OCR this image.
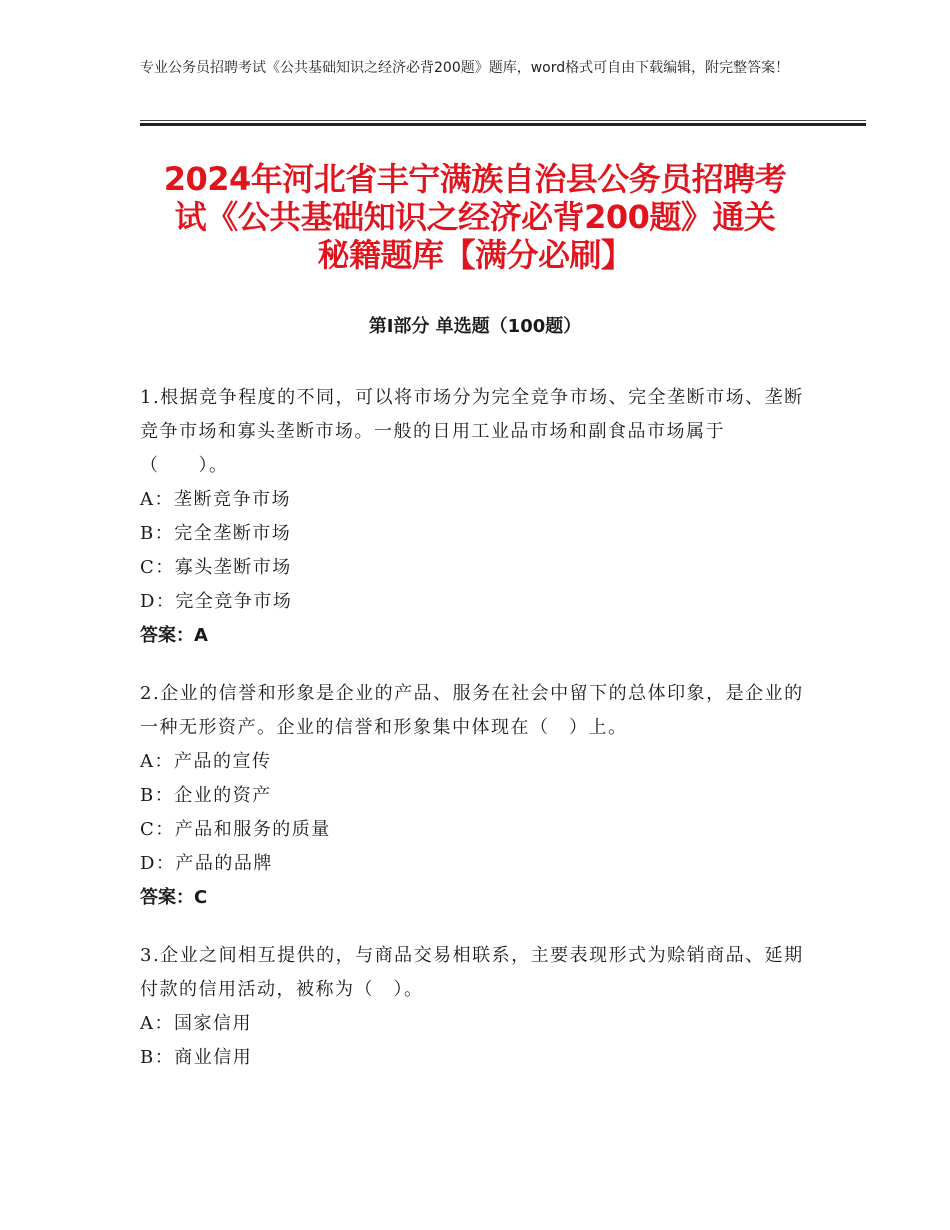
专业公务员招聘考试《公共基础知识之经济必背200题》题库，word格式可自由下载编辑，附完整答案！
2024年河北省丰宁满族自治县公务员招聘考
试《公共基础知识之经济必背200题》通关
秘籍题库【满分必刷】
第Ⅰ部分 单选题（100题）
1.根据竞争程度的不同，可以将市场分为完全竞争市场、完全垄断市场、垄断竞争市场和寡头垄断市场。一般的日用工业品市场和副食品市场属于（　　）。
A：垄断竞争市场
B：完全垄断市场
C：寡头垄断市场
D：完全竞争市场
答案：A
2.企业的信誉和形象是企业的产品、服务在社会中留下的总体印象，是企业的一种无形资产。企业的信誉和形象集中体现在（　）上。
A：产品的宣传
B：企业的资产
C：产品和服务的质量
D：产品的品牌
答案：C
3.企业之间相互提供的，与商品交易相联系，主要表现形式为赊销商品、延期付款的信用活动，被称为（　）。
A：国家信用
B：商业信用
